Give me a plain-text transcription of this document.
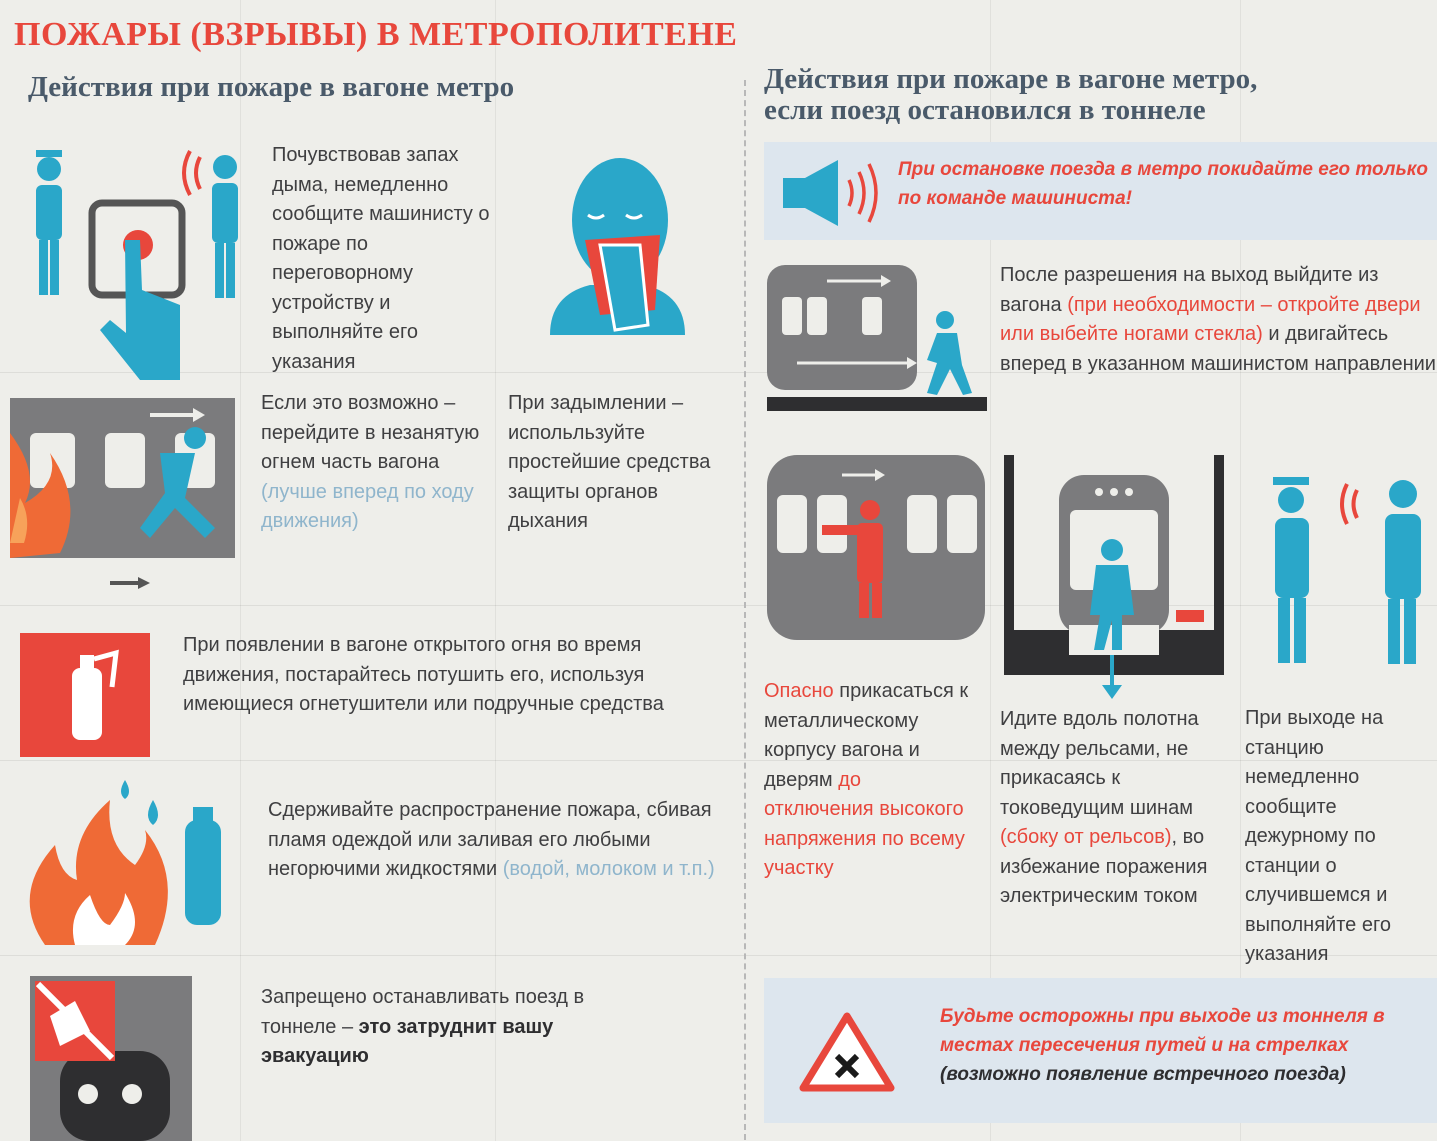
ПОЖАРЫ (ВЗРЫВЫ) В МЕТРОПОЛИТЕНЕ
Действия при пожаре в вагоне метро	Действия при пожаре в вагоне метро,
если поезд остановился в тоннеле
Почувствовав запах дыма, немедленно сообщите машинисту о пожаре по переговорному устройству и выполняйте его указания
Если это возможно – перейдите в незанятую огнем часть вагона (лучше вперед по ходу движения)
При задымлении – испольльзуйте простейшие средства защиты органов дыхания
При появлении в вагоне открытого огня во время движения, постарайтесь потушить его, используя имеющиеся огнетушители или подручные средства
Сдерживайте распространение пожара, сбивая пламя одеждой или заливая его любыми негорючими жидкостями (водой, молоком и т.п.)
Запрещено останавливать поезд в тоннеле – это затруднит вашу эвакуацию
При остановке поезда в метро покидайте его только по команде машиниста!
После разрешения на выход выйдите из вагона (при необходимости – откройте двери или выбейте ногами стекла) и двигайтесь вперед в указанном машинистом направлении
Опасно прикасаться к металлическому корпусу вагона и дверям до отключения высокого напряжения по всему участку
Идите вдоль полотна между рельсами, не прикасаясь к токоведущим шинам (сбоку от рельсов), во избежание поражения электрическим током
При выходе на станцию немедленно сообщите дежурному по станции о случившемся и выполняйте его указания
Будьте осторожны при выходе из тоннеля в местах пересечения путей и на стрелках
(возможно появление встречного поезда)
